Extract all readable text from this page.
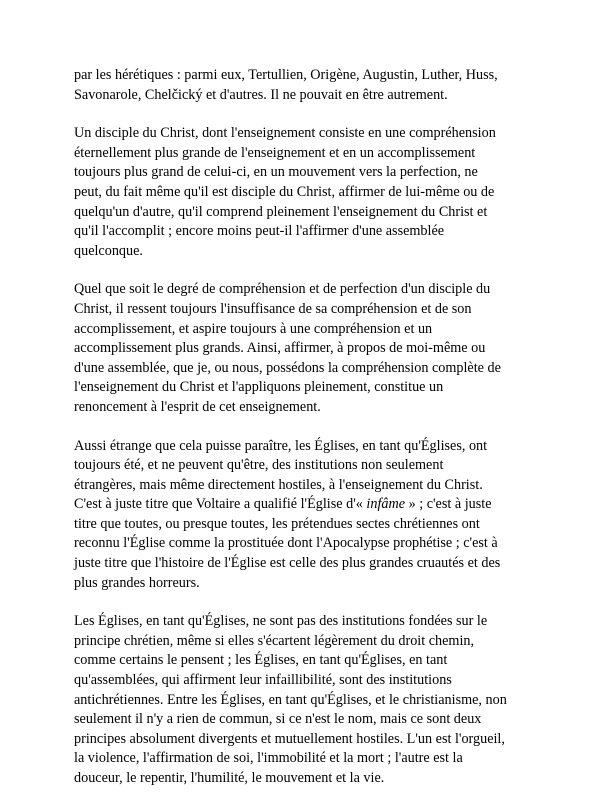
par les hérétiques : parmi eux, Tertullien, Origène, Augustin, Luther, Huss,
Savonarole, Chelčický et d'autres. Il ne pouvait en être autrement.

Un disciple du Christ, dont l'enseignement consiste en une compréhension
éternellement plus grande de l'enseignement et en un accomplissement
toujours plus grand de celui-ci, en un mouvement vers la perfection, ne
peut, du fait même qu'il est disciple du Christ, affirmer de lui-même ou de
quelqu'un d'autre, qu'il comprend pleinement l'enseignement du Christ et
qu'il l'accomplit ; encore moins peut-il l'affirmer d'une assemblée
quelconque.

Quel que soit le degré de compréhension et de perfection d'un disciple du
Christ, il ressent toujours l'insuffisance de sa compréhension et de son
accomplissement, et aspire toujours à une compréhension et un
accomplissement plus grands. Ainsi, affirmer, à propos de moi-même ou
d'une assemblée, que je, ou nous, possédons la compréhension complète de
l'enseignement du Christ et l'appliquons pleinement, constitue un
renoncement à l'esprit de cet enseignement.

Aussi étrange que cela puisse paraître, les Églises, en tant qu'Églises, ont
toujours été, et ne peuvent qu'être, des institutions non seulement
étrangères, mais même directement hostiles, à l'enseignement du Christ.
C'est à juste titre que Voltaire a qualifié l'Église d'« infâme » ; c'est à juste
titre que toutes, ou presque toutes, les prétendues sectes chrétiennes ont
reconnu l'Église comme la prostituée dont l'Apocalypse prophétise ; c'est à
juste titre que l'histoire de l'Église est celle des plus grandes cruautés et des
plus grandes horreurs.

Les Églises, en tant qu'Églises, ne sont pas des institutions fondées sur le
principe chrétien, même si elles s'écartent légèrement du droit chemin,
comme certains le pensent ; les Églises, en tant qu'Églises, en tant
qu'assemblées, qui affirment leur infaillibilité, sont des institutions
antichrétiennes. Entre les Églises, en tant qu'Églises, et le christianisme, non
seulement il n'y a rien de commun, si ce n'est le nom, mais ce sont deux
principes absolument divergents et mutuellement hostiles. L'un est l'orgueil,
la violence, l'affirmation de soi, l'immobilité et la mort ; l'autre est la
douceur, le repentir, l'humilité, le mouvement et la vie.
